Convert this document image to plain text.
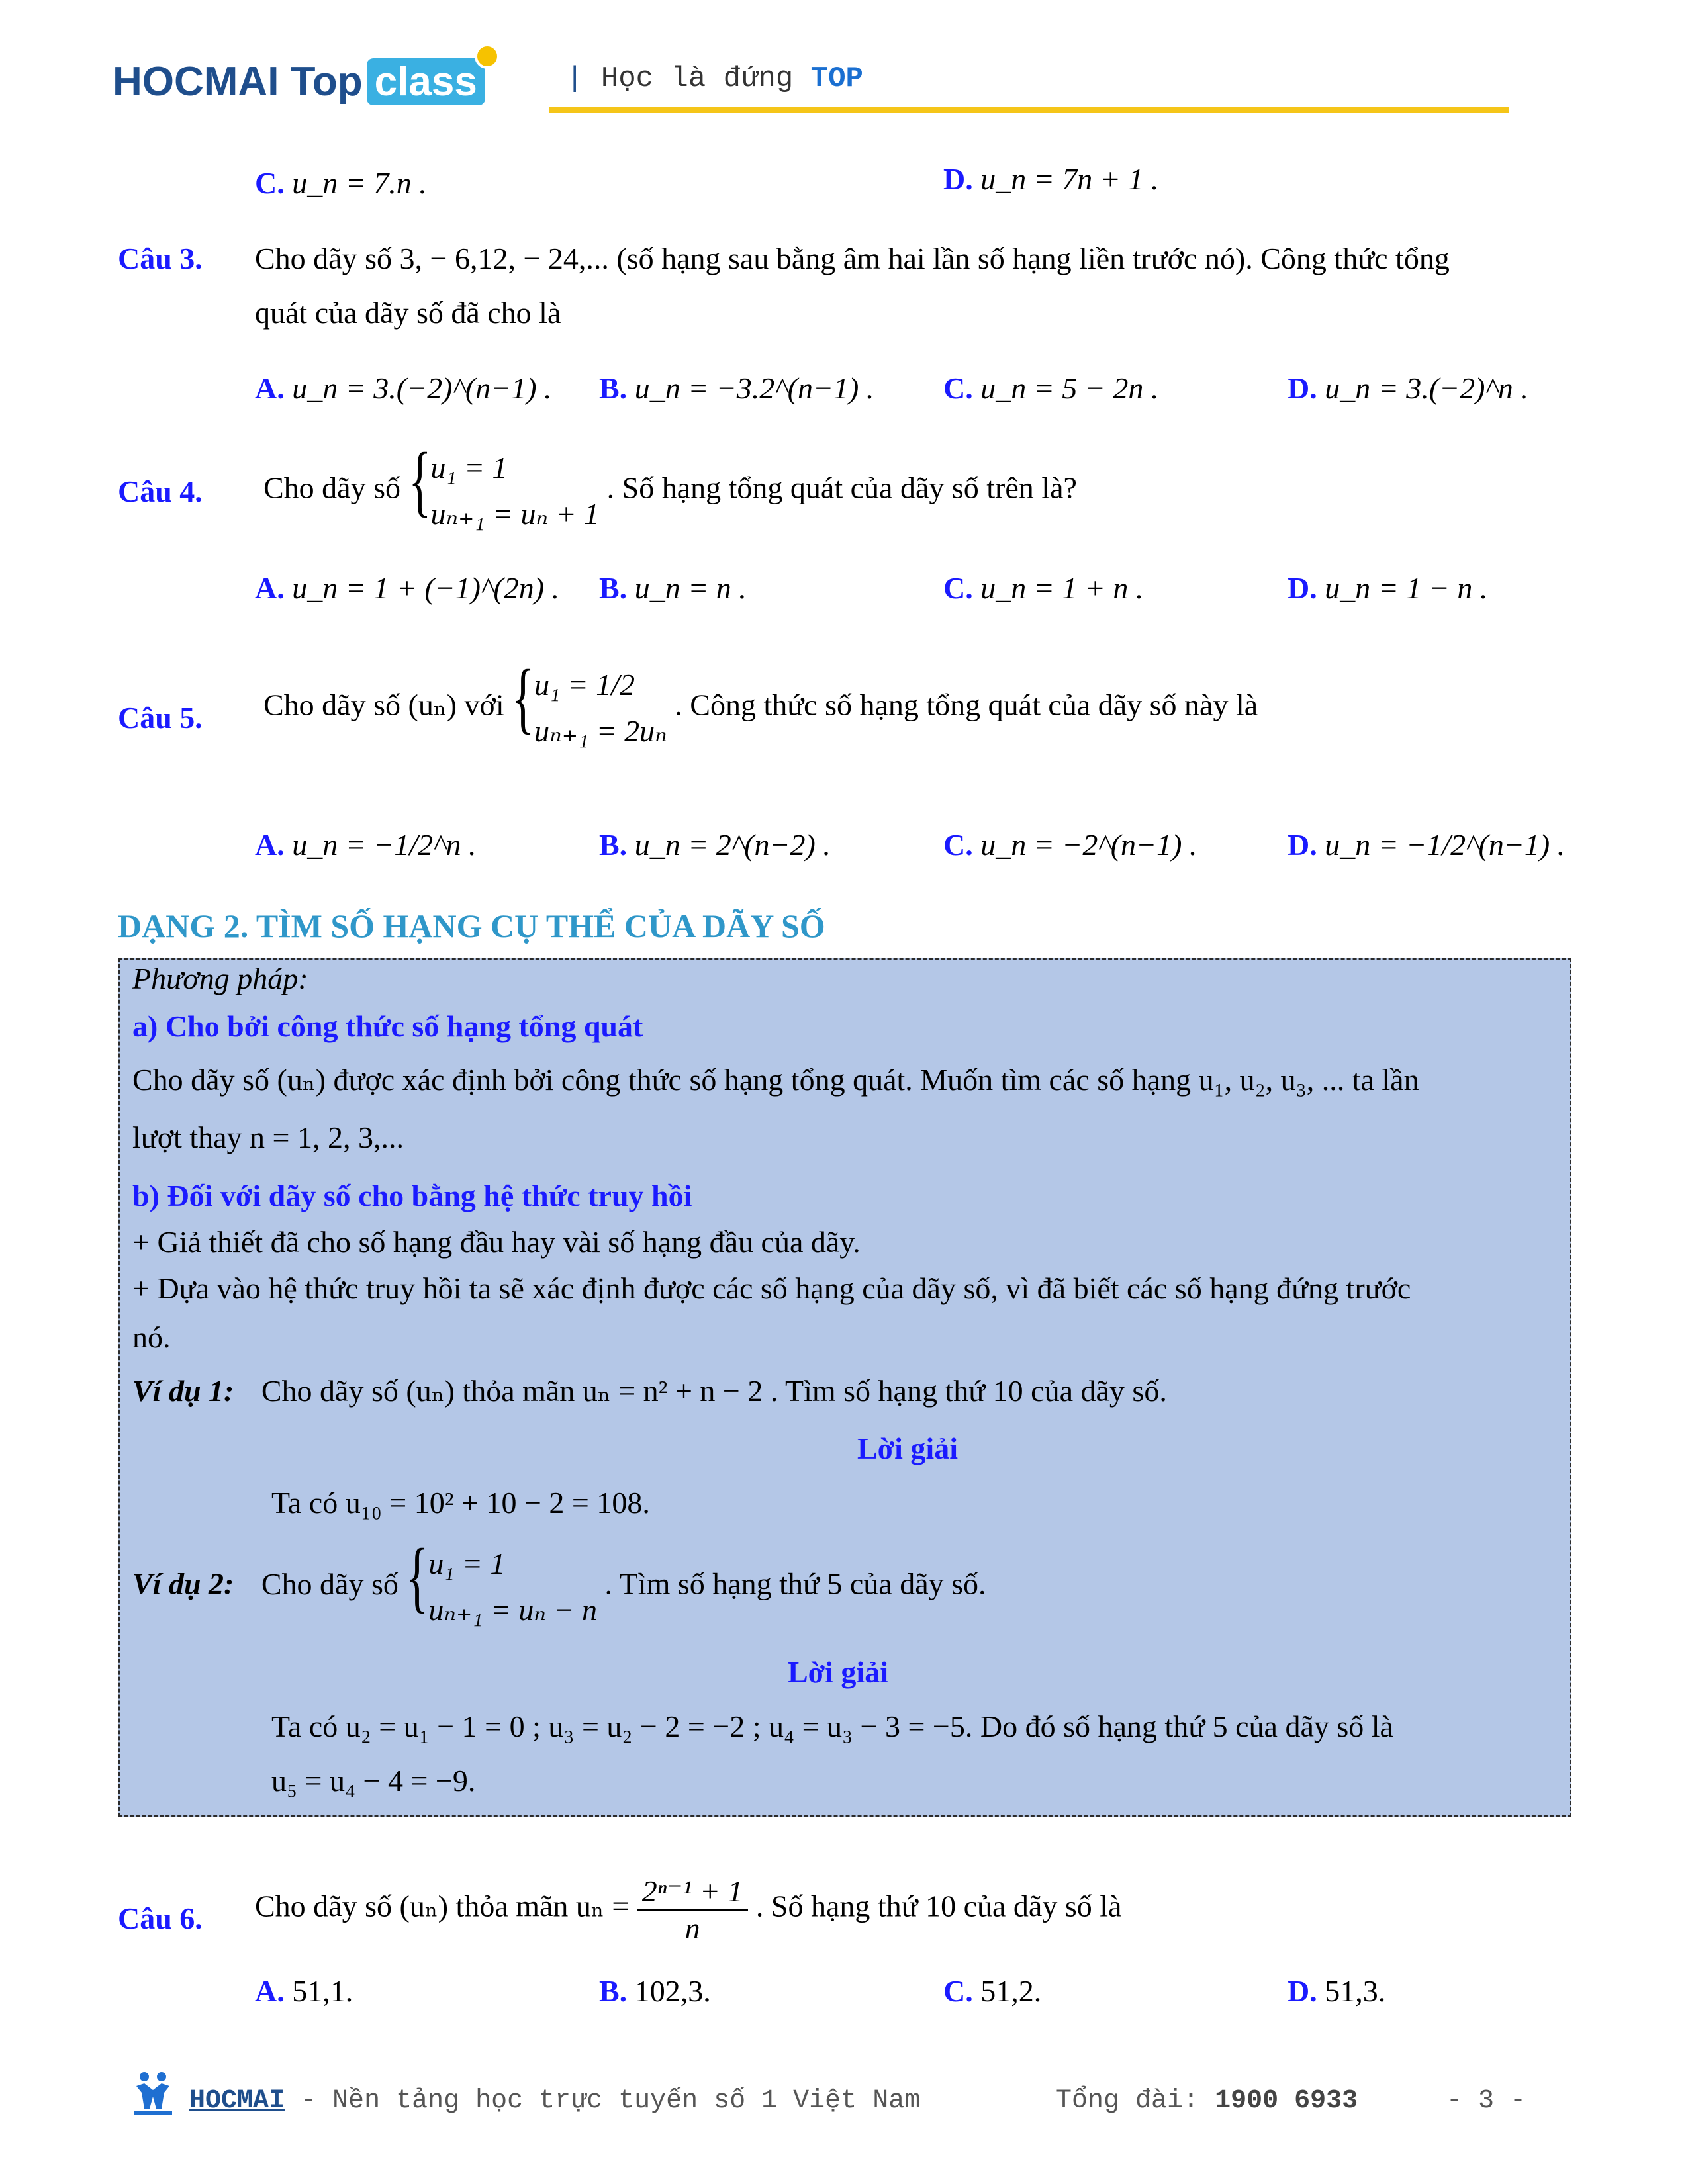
HOCMAI Top class	| Học là đứng TOP
C. u_n = 7.n .	D. u_n = 7n + 1 .
Câu 3. Cho dãy số 3, − 6,12, − 24,... (số hạng sau bằng âm hai lần số hạng liền trước nó). Công thức tổng
quát của dãy số đã cho là
A. u_n = 3.(−2)^(n−1) . B. u_n = −3.2^(n−1) . C. u_n = 5 − 2n .	D. u_n = 3.(−2)^n .
Câu 4. Cho dãy số { u₁ = 1
uₙ₊₁ = uₙ + 1
. Số hạng tổng quát của dãy số trên là?
A. u_n = 1 + (−1)^(2n) . B. u_n = n .	C. u_n = 1 + n .	D. u_n = 1 − n .
Câu 5. Cho dãy số (uₙ) với { u₁ = 1/2
uₙ₊₁ = 2uₙ
. Công thức số hạng tổng quát của dãy số này là
A. u_n = −1/2^n .	B. u_n = 2^(n−2) .	C. u_n = −2^(n−1) .	D. u_n = −1/2^(n−1) .
DẠNG 2. TÌM SỐ HẠNG CỤ THỂ CỦA DÃY SỐ
Phương pháp:
a) Cho bởi công thức số hạng tổng quát
Cho dãy số (uₙ) được xác định bởi công thức số hạng tổng quát. Muốn tìm các số hạng u₁, u₂, u₃, ... ta lần
lượt thay n = 1, 2, 3,...
b) Đối với dãy số cho bằng hệ thức truy hồi
+ Giả thiết đã cho số hạng đầu hay vài số hạng đầu của dãy.
+ Dựa vào hệ thức truy hồi ta sẽ xác định được các số hạng của dãy số, vì đã biết các số hạng đứng trước
nó.
Ví dụ 1: Cho dãy số (uₙ) thỏa mãn uₙ = n² + n − 2 . Tìm số hạng thứ 10 của dãy số.
Lời giải
Ta có u₁₀ = 10² + 10 − 2 = 108.
Ví dụ 2: Cho dãy số { u₁ = 1
uₙ₊₁ = uₙ − n
. Tìm số hạng thứ 5 của dãy số.
Lời giải
Ta có u₂ = u₁ − 1 = 0 ; u₃ = u₂ − 2 = −2 ; u₄ = u₃ − 3 = −5. Do đó số hạng thứ 5 của dãy số là
u₅ = u₄ − 4 = −9.
Câu 6. Cho dãy số (uₙ) thỏa mãn $u_n = \frac{\text{2ⁿ⁻¹ + 1}}{n}$ . Số hạng thứ 10 của dãy số là
A. 51,1.	B. 102,3.	C. 51,2.	D. 51,3.
HOCMAI - Nền tảng học trực tuyến số 1 Việt Nam	Tổng đài: 1900 6933	- 3 -
